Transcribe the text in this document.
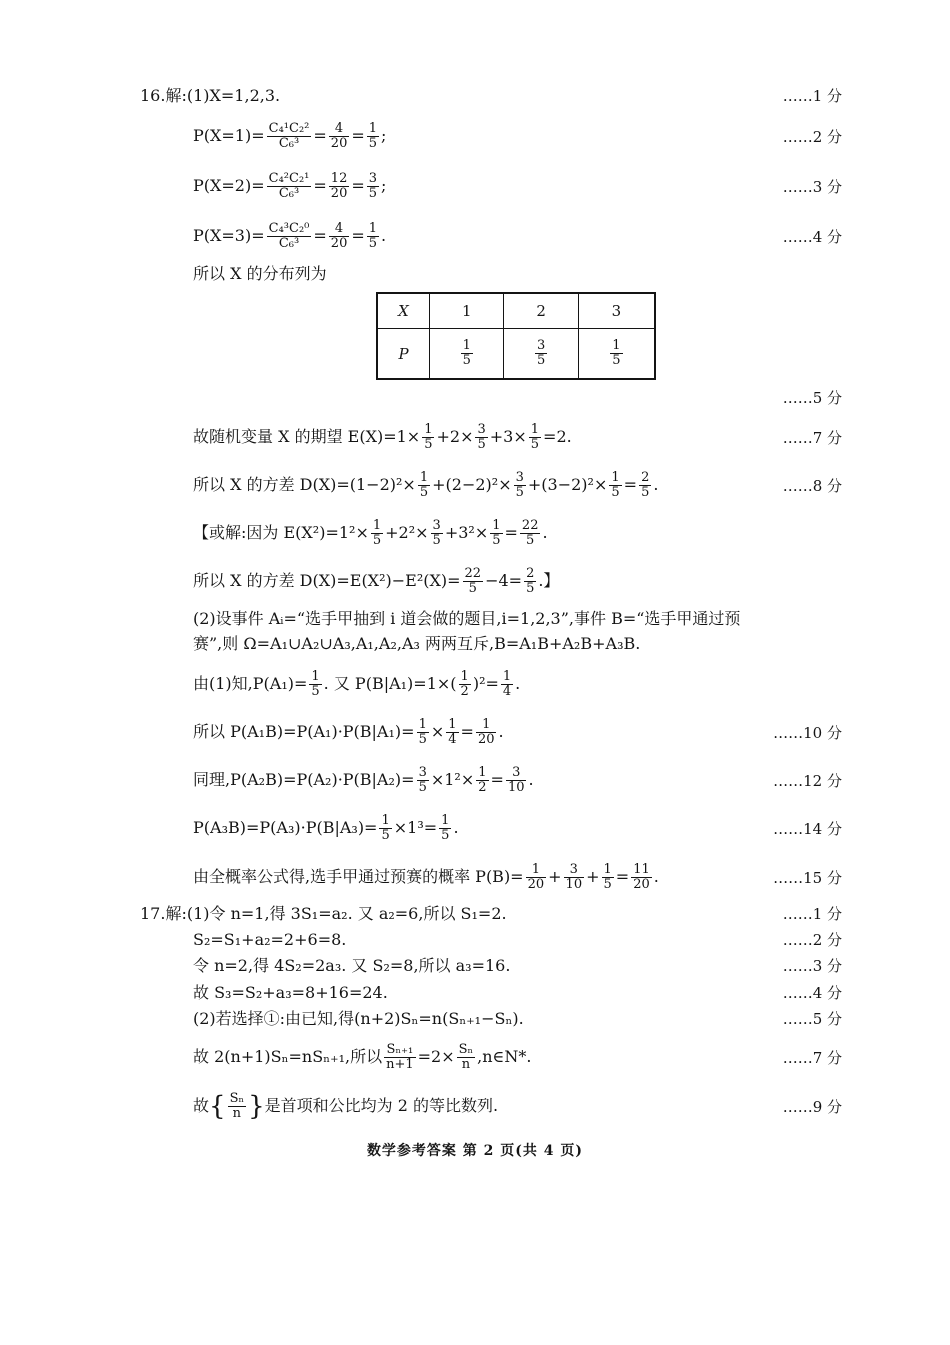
16.解:(1)X=1,2,3.	……1 分
$P(X=1)= \frac{\text{C₄¹C₂²}}{\text{C₆³}} = \frac{4}{20} = \frac{1}{5}$ ;	……2 分
$P(X=2)= \frac{\text{C₄²C₂¹}}{\text{C₆³}} = \frac{12}{20} = \frac{3}{5}$ ;	……3 分
$P(X=3)= \frac{\text{C₄³C₂⁰}}{\text{C₆³}} = \frac{4}{20} = \frac{1}{5}$ .	……4 分
所以 X 的分布列为
X	1	2	3
P	$\frac{1}{5}$	$\frac{3}{5}$	$\frac{1}{5}$
……5 分
故随机变量 X 的期望 $E(X)=1\times \frac{1}{5} +2\times \frac{3}{5} +3\times \frac{1}{5} =2$.	……7 分
所以 X 的方差 $D(X)=(1-2)^2\times \frac{1}{5} +(2-2)^2\times \frac{3}{5} +(3-2)^2\times \frac{1}{5} = \frac{2}{5}$ .	……8 分
【或解:因为 $E(X^2)=1^2\times \frac{1}{5} +2^2\times \frac{3}{5} +3^2\times \frac{1}{5} = \frac{22}{5}$ .
所以 X 的方差 $D(X)=E(X^2)-E^2(X)= \frac{22}{5} -4= \frac{2}{5}$ .】
(2)设事件 Aᵢ=“选手甲抽到 i 道会做的题目,i=1,2,3”,事件 B=“选手甲通过预
赛”,则 Ω=A₁∪A₂∪A₃,A₁,A₂,A₃ 两两互斥,B=A₁B+A₂B+A₃B.
由(1)知$,P(A_1)= \frac{1}{5}$ . 又 $P(B|A_1)=1\times( \frac{1}{2} )^2= \frac{1}{4}$ .
所以 $P(A_1B)=P(A_1)\cdot P(B|A_1)= \frac{1}{5} \times \frac{1}{4} = \frac{1}{20}$ .	……10 分
同理$,P(A_2B)=P(A_2)\cdot P(B|A_2)= \frac{3}{5} \times 1^2\times \frac{1}{2} = \frac{3}{10}$ .	……12 分
$P(A_3B)=P(A_3)\cdot P(B|A_3)= \frac{1}{5} \times 1^3= \frac{1}{5}$ .	……14 分
由全概率公式得,选手甲通过预赛的概率 $P(B)= \frac{1}{20} + \frac{3}{10} + \frac{1}{5} = \frac{11}{20}$ .	……15 分
17.解:(1)令 n=1,得 3S₁=a₂. 又 a₂=6,所以 S₁=2.	……1 分
S₂=S₁+a₂=2+6=8.	……2 分
令 n=2,得 4S₂=2a₃. 又 S₂=8,所以 a₃=16.	……3 分
故 S₃=S₂+a₃=8+16=24.	……4 分
(2)若选择①:由已知,得(n+2)Sₙ=n(Sₙ₊₁−Sₙ).	……5 分
故 2(n+1)Sₙ=nSₙ₊₁,所以 $\frac{\text{Sₙ₊₁}}{n+1} =2\times \frac{\text{Sₙ}}{n}$ ,n∈N*.	……7 分
故{ $\frac{\text{Sₙ}}{n}$ }是首项和公比均为 2 的等比数列.	……9 分
数学参考答案 第 2 页(共 4 页)
